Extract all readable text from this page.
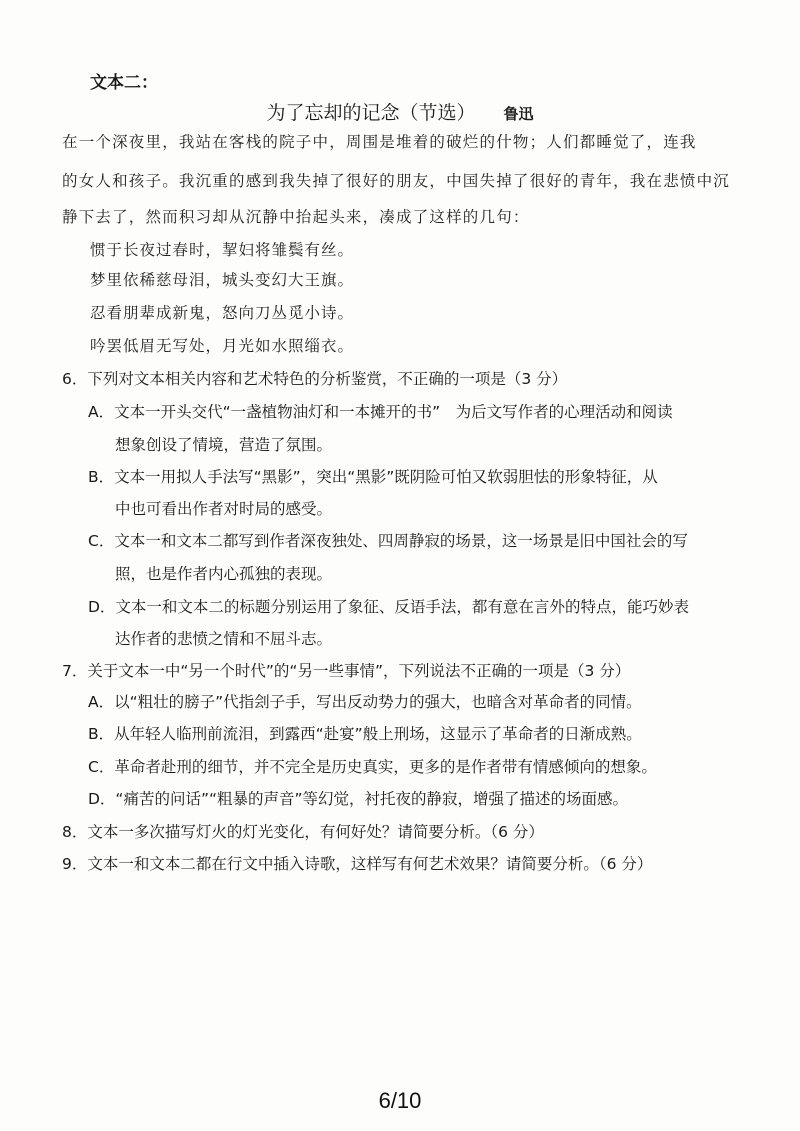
文本二：
为了忘却的记念（节选） 鲁迅
在一个深夜里，我站在客栈的院子中，周围是堆着的破烂的什物；人们都睡觉了，连我
的女人和孩子。我沉重的感到我失掉了很好的朋友，中国失掉了很好的青年，我在悲愤中沉
静下去了，然而积习却从沉静中抬起头来，凑成了这样的几句：
惯于长夜过春时，挈妇将雏鬓有丝。
梦里依稀慈母泪，城头变幻大王旗。
忍看朋辈成新鬼，怒向刀丛觅小诗。
吟罢低眉无写处，月光如水照缁衣。
6．下列对文本相关内容和艺术特色的分析鉴赏，不正确的一项是（3 分）
A．文本一开头交代“一盏植物油灯和一本摊开的书”　为后文写作者的心理活动和阅读
想象创设了情境，营造了氛围。
B．文本一用拟人手法写“黑影”，突出“黑影”既阴险可怕又软弱胆怯的形象特征，从
中也可看出作者对时局的感受。
C．文本一和文本二都写到作者深夜独处、四周静寂的场景，这一场景是旧中国社会的写
照，也是作者内心孤独的表现。
D．文本一和文本二的标题分别运用了象征、反语手法，都有意在言外的特点，能巧妙表
达作者的悲愤之情和不屈斗志。
7．关于文本一中“另一个时代”的“另一些事情”，下列说法不正确的一项是（3 分）
A．以“粗壮的膀子”代指刽子手，写出反动势力的强大，也暗含对革命者的同情。
B．从年轻人临刑前流泪，到露西“赴宴”般上刑场，这显示了革命者的日渐成熟。
C．革命者赴刑的细节，并不完全是历史真实，更多的是作者带有情感倾向的想象。
D．“痛苦的问话”“粗暴的声音”等幻觉，衬托夜的静寂，增强了描述的场面感。
8．文本一多次描写灯火的灯光变化，有何好处？请简要分析。（6 分）
9．文本一和文本二都在行文中插入诗歌，这样写有何艺术效果？请简要分析。（6 分）
6/10
